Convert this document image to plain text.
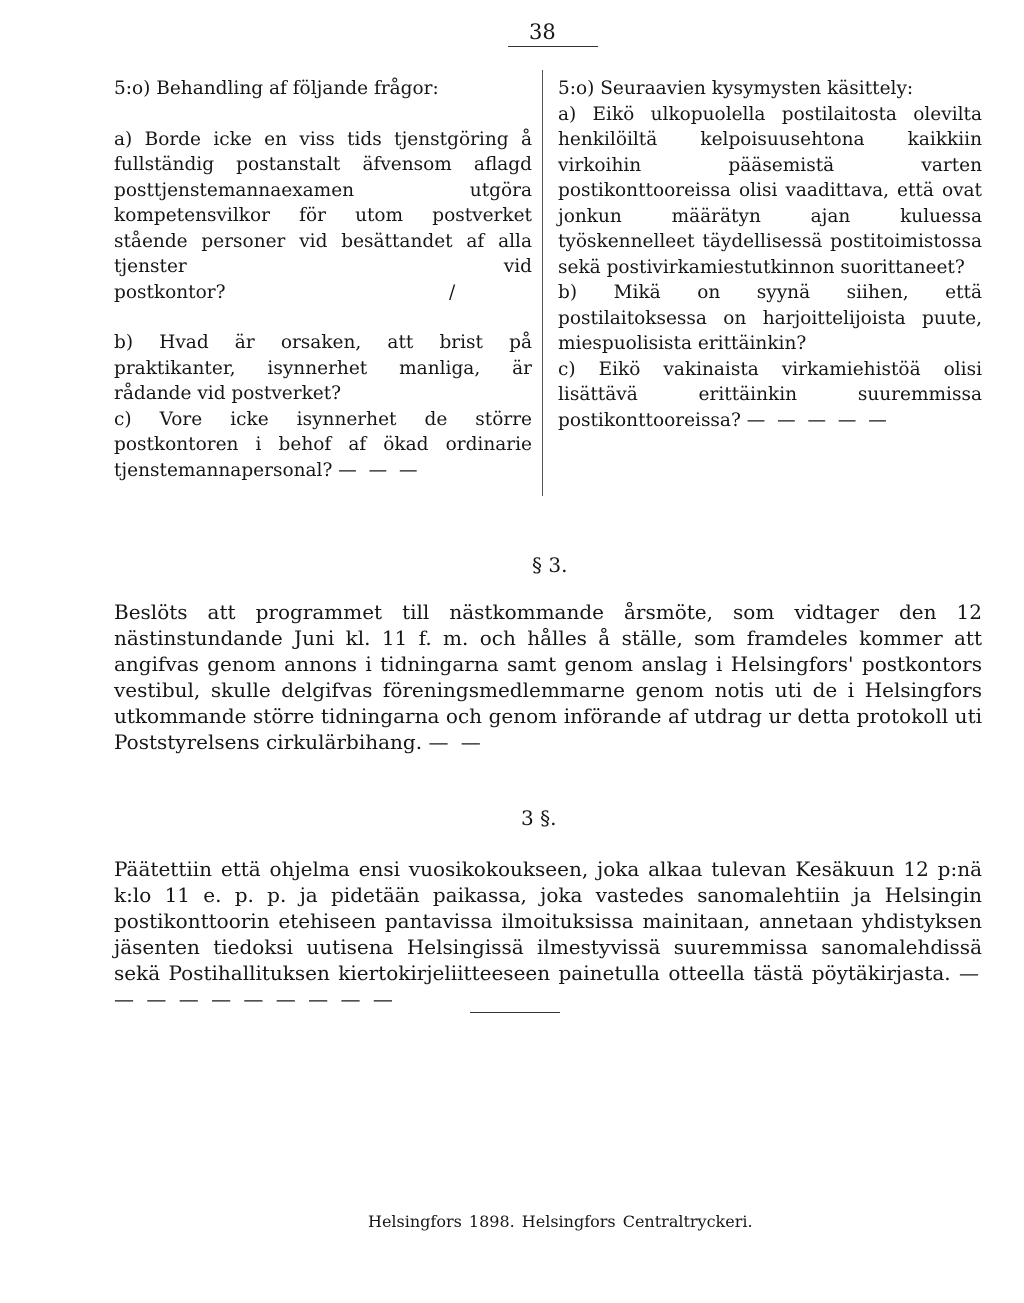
38
5:o) Behandling af följande frågor:
a) Borde icke en viss tids tjenstgöring å fullständig postanstalt äfvensom aflagd posttjenstemannaexamen utgöra kompetensvilkor för utom postverket stående personer vid besättandet af alla tjenster vid postkontor?	/
b) Hvad är orsaken, att brist på praktikanter, isynnerhet manliga, är rådande vid postverket?
c) Vore icke isynnerhet de större postkontoren i behof af ökad ordinarie tjenstemannapersonal? — — —
5:o) Seuraavien kysymysten käsittely:
a) Eikö ulkopuolella postilaitosta olevilta henkilöiltä kelpoisuusehtona kaikkiin virkoihin pääsemistä varten postikonttooreissa olisi vaadittava, että ovat jonkun määrätyn ajan kuluessa työskennelleet täydellisessä postitoimistossa sekä postivirkamiestutkinnon suorittaneet?
b) Mikä on syynä siihen, että postilaitoksessa on harjoittelijoista puute, miespuolisista erittäinkin?
c) Eikö vakinaista virkamiehistöä olisi lisättävä erittäinkin suuremmissa postikonttooreissa? — — — — —
§ 3.
Beslöts att programmet till nästkommande årsmöte, som vidtager den 12 nästinstundande Juni kl. 11 f. m. och hålles å ställe, som framdeles kommer att angifvas genom annons i tidningarna samt genom anslag i Helsingfors' postkontors vestibul, skulle delgifvas föreningsmedlemmarne genom notis uti de i Helsingfors utkommande större tidningarna och genom införande af utdrag ur detta protokoll uti Poststyrelsens cirkulärbihang. — —
3 §.
Päätettiin että ohjelma ensi vuosikokoukseen, joka alkaa tulevan Kesäkuun 12 p:nä k:lo 11 e. p. p. ja pidetään paikassa, joka vastedes sanomalehtiin ja Helsingin postikonttoorin etehiseen pantavissa ilmoituksissa mainitaan, annetaan yhdistyksen jäsenten tiedoksi uutisena Helsingissä ilmestyvissä suuremmissa sanomalehdissä sekä Postihallituksen kiertokirjeliitteeseen painetulla otteella tästä pöytäkirjasta. — — — — — — — — — —
Helsingfors 1898. Helsingfors Centraltryckeri.
